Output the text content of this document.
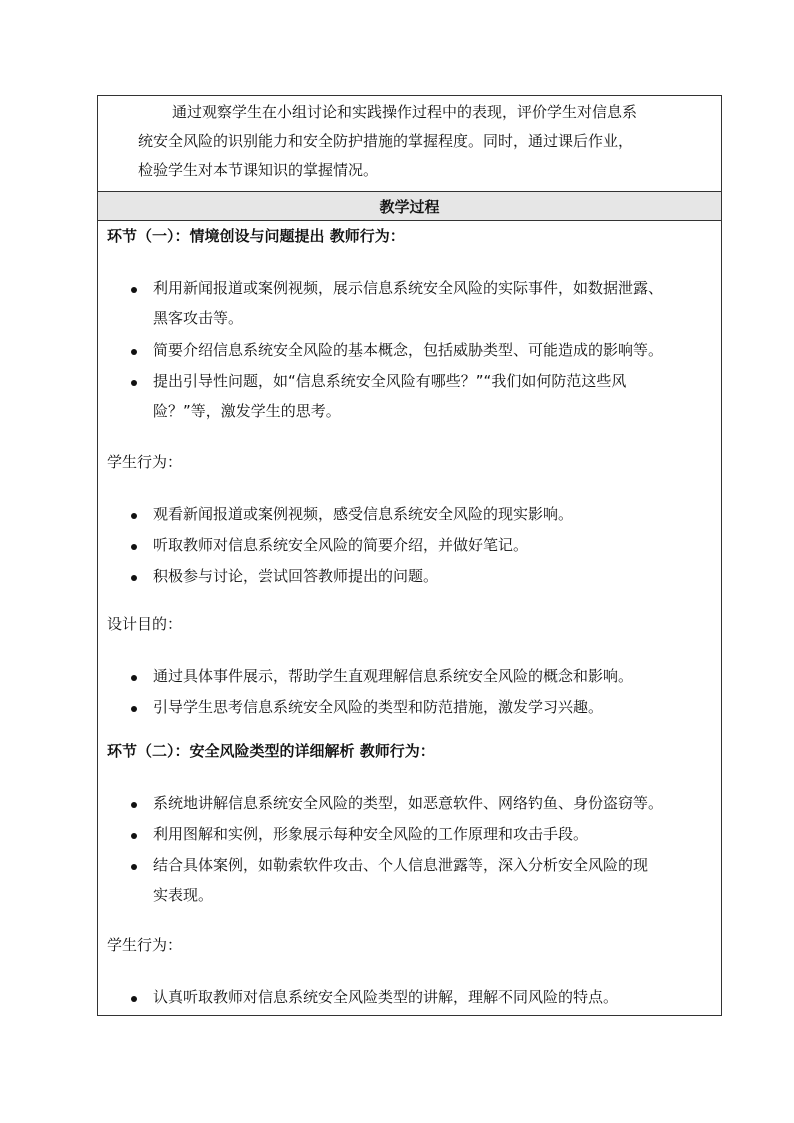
通过观察学生在小组讨论和实践操作过程中的表现，评价学生对信息系
统安全风险的识别能力和安全防护措施的掌握程度。同时，通过课后作业，
检验学生对本节课知识的掌握情况。
教学过程
环节（一）：情境创设与问题提出 教师行为：
利用新闻报道或案例视频，展示信息系统安全风险的实际事件，如数据泄露、
黑客攻击等。
简要介绍信息系统安全风险的基本概念，包括威胁类型、可能造成的影响等。
提出引导性问题，如“信息系统安全风险有哪些？”“我们如何防范这些风
险？”等，激发学生的思考。
学生行为：
观看新闻报道或案例视频，感受信息系统安全风险的现实影响。
听取教师对信息系统安全风险的简要介绍，并做好笔记。
积极参与讨论，尝试回答教师提出的问题。
设计目的：
通过具体事件展示，帮助学生直观理解信息系统安全风险的概念和影响。
引导学生思考信息系统安全风险的类型和防范措施，激发学习兴趣。
环节（二）：安全风险类型的详细解析 教师行为：
系统地讲解信息系统安全风险的类型，如恶意软件、网络钓鱼、身份盗窃等。
利用图解和实例，形象展示每种安全风险的工作原理和攻击手段。
结合具体案例，如勒索软件攻击、个人信息泄露等，深入分析安全风险的现
实表现。
学生行为：
认真听取教师对信息系统安全风险类型的讲解，理解不同风险的特点。
